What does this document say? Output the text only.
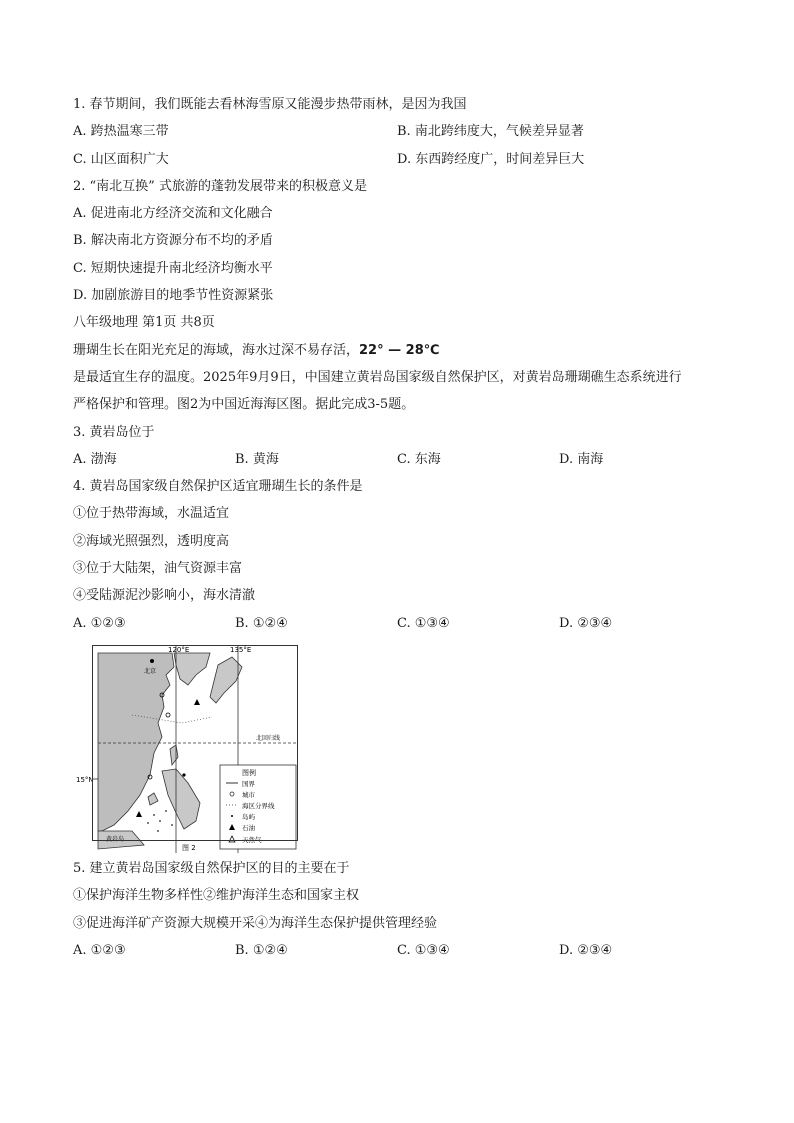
1. 春节期间，我们既能去看林海雪原又能漫步热带雨林，是因为我国
A. 跨热温寒三带	B. 南北跨纬度大，气候差异显著
C. 山区面积广大	D. 东西跨经度广，时间差异巨大
2. “南北互换” 式旅游的蓬勃发展带来的积极意义是
A. 促进南北方经济交流和文化融合
B. 解决南北方资源分布不均的矛盾
C. 短期快速提升南北经济均衡水平
D. 加剧旅游目的地季节性资源紧张
八年级地理 第1页 共8页
珊瑚生长在阳光充足的海域，海水过深不易存活，22° — 28℃
是最适宜生存的温度。2025年9月9日，中国建立黄岩岛国家级自然保护区，对黄岩岛珊瑚礁生态系统进行
严格保护和管理。图2为中国近海海区图。据此完成3-5题。
3. 黄岩岛位于
A. 渤海	B. 黄海	C. 东海	D. 南海
4. 黄岩岛国家级自然保护区适宜珊瑚生长的条件是
①位于热带海域，水温适宜
②海域光照强烈，透明度高
③位于大陆架，油气资源丰富
④受陆源泥沙影响小，海水清澈
A. ①②③	B. ①②④	C. ①③④	D. ②③④
120°E	135°E
北京
北回归线
黄岩岛
15°N
图例
国界
城市
海区分界线
岛屿
石油
天然气
图 2
5. 建立黄岩岛国家级自然保护区的目的主要在于
①保护海洋生物多样性②维护海洋生态和国家主权
③促进海洋矿产资源大规模开采④为海洋生态保护提供管理经验
A. ①②③	B. ①②④	C. ①③④	D. ②③④
